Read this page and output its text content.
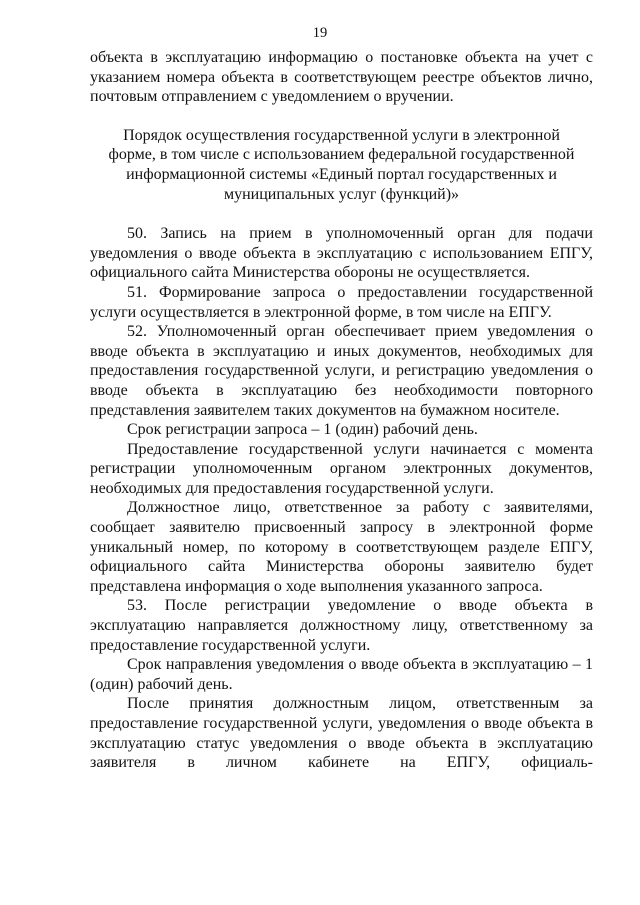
19

объекта в эксплуатацию информацию о постановке объекта на учет с указанием номера объекта в соответствующем реестре объектов лично, почтовым отправлением с уведомлением о вручении.

Порядок осуществления государственной услуги в электронной форме, в том числе с использованием федеральной государственной информационной системы «Единый портал государственных и муниципальных услуг (функций)»

50. Запись на прием в уполномоченный орган для подачи уведомления о вводе объекта в эксплуатацию с использованием ЕПГУ, официального сайта Министерства обороны не осуществляется.

51. Формирование запроса о предоставлении государственной услуги осуществляется в электронной форме, в том числе на ЕПГУ.

52. Уполномоченный орган обеспечивает прием уведомления о вводе объекта в эксплуатацию и иных документов, необходимых для предоставления государственной услуги, и регистрацию уведомления о вводе объекта в эксплуатацию без необходимости повторного представления заявителем таких документов на бумажном носителе.

Срок регистрации запроса – 1 (один) рабочий день.

Предоставление государственной услуги начинается с момента регистрации уполномоченным органом электронных документов, необходимых для предоставления государственной услуги.

Должностное лицо, ответственное за работу с заявителями, сообщает заявителю присвоенный запросу в электронной форме уникальный номер, по которому в соответствующем разделе ЕПГУ, официального сайта Министерства обороны заявителю будет представлена информация о ходе выполнения указанного запроса.

53. После регистрации уведомление о вводе объекта в эксплуатацию направляется должностному лицу, ответственному за предоставление государственной услуги.

Срок направления уведомления о вводе объекта в эксплуатацию – 1 (один) рабочий день.

После принятия должностным лицом, ответственным за предоставление государственной услуги, уведомления о вводе объекта в эксплуатацию статус уведомления о вводе объекта в эксплуатацию заявителя в личном кабинете на ЕПГУ, официаль-
